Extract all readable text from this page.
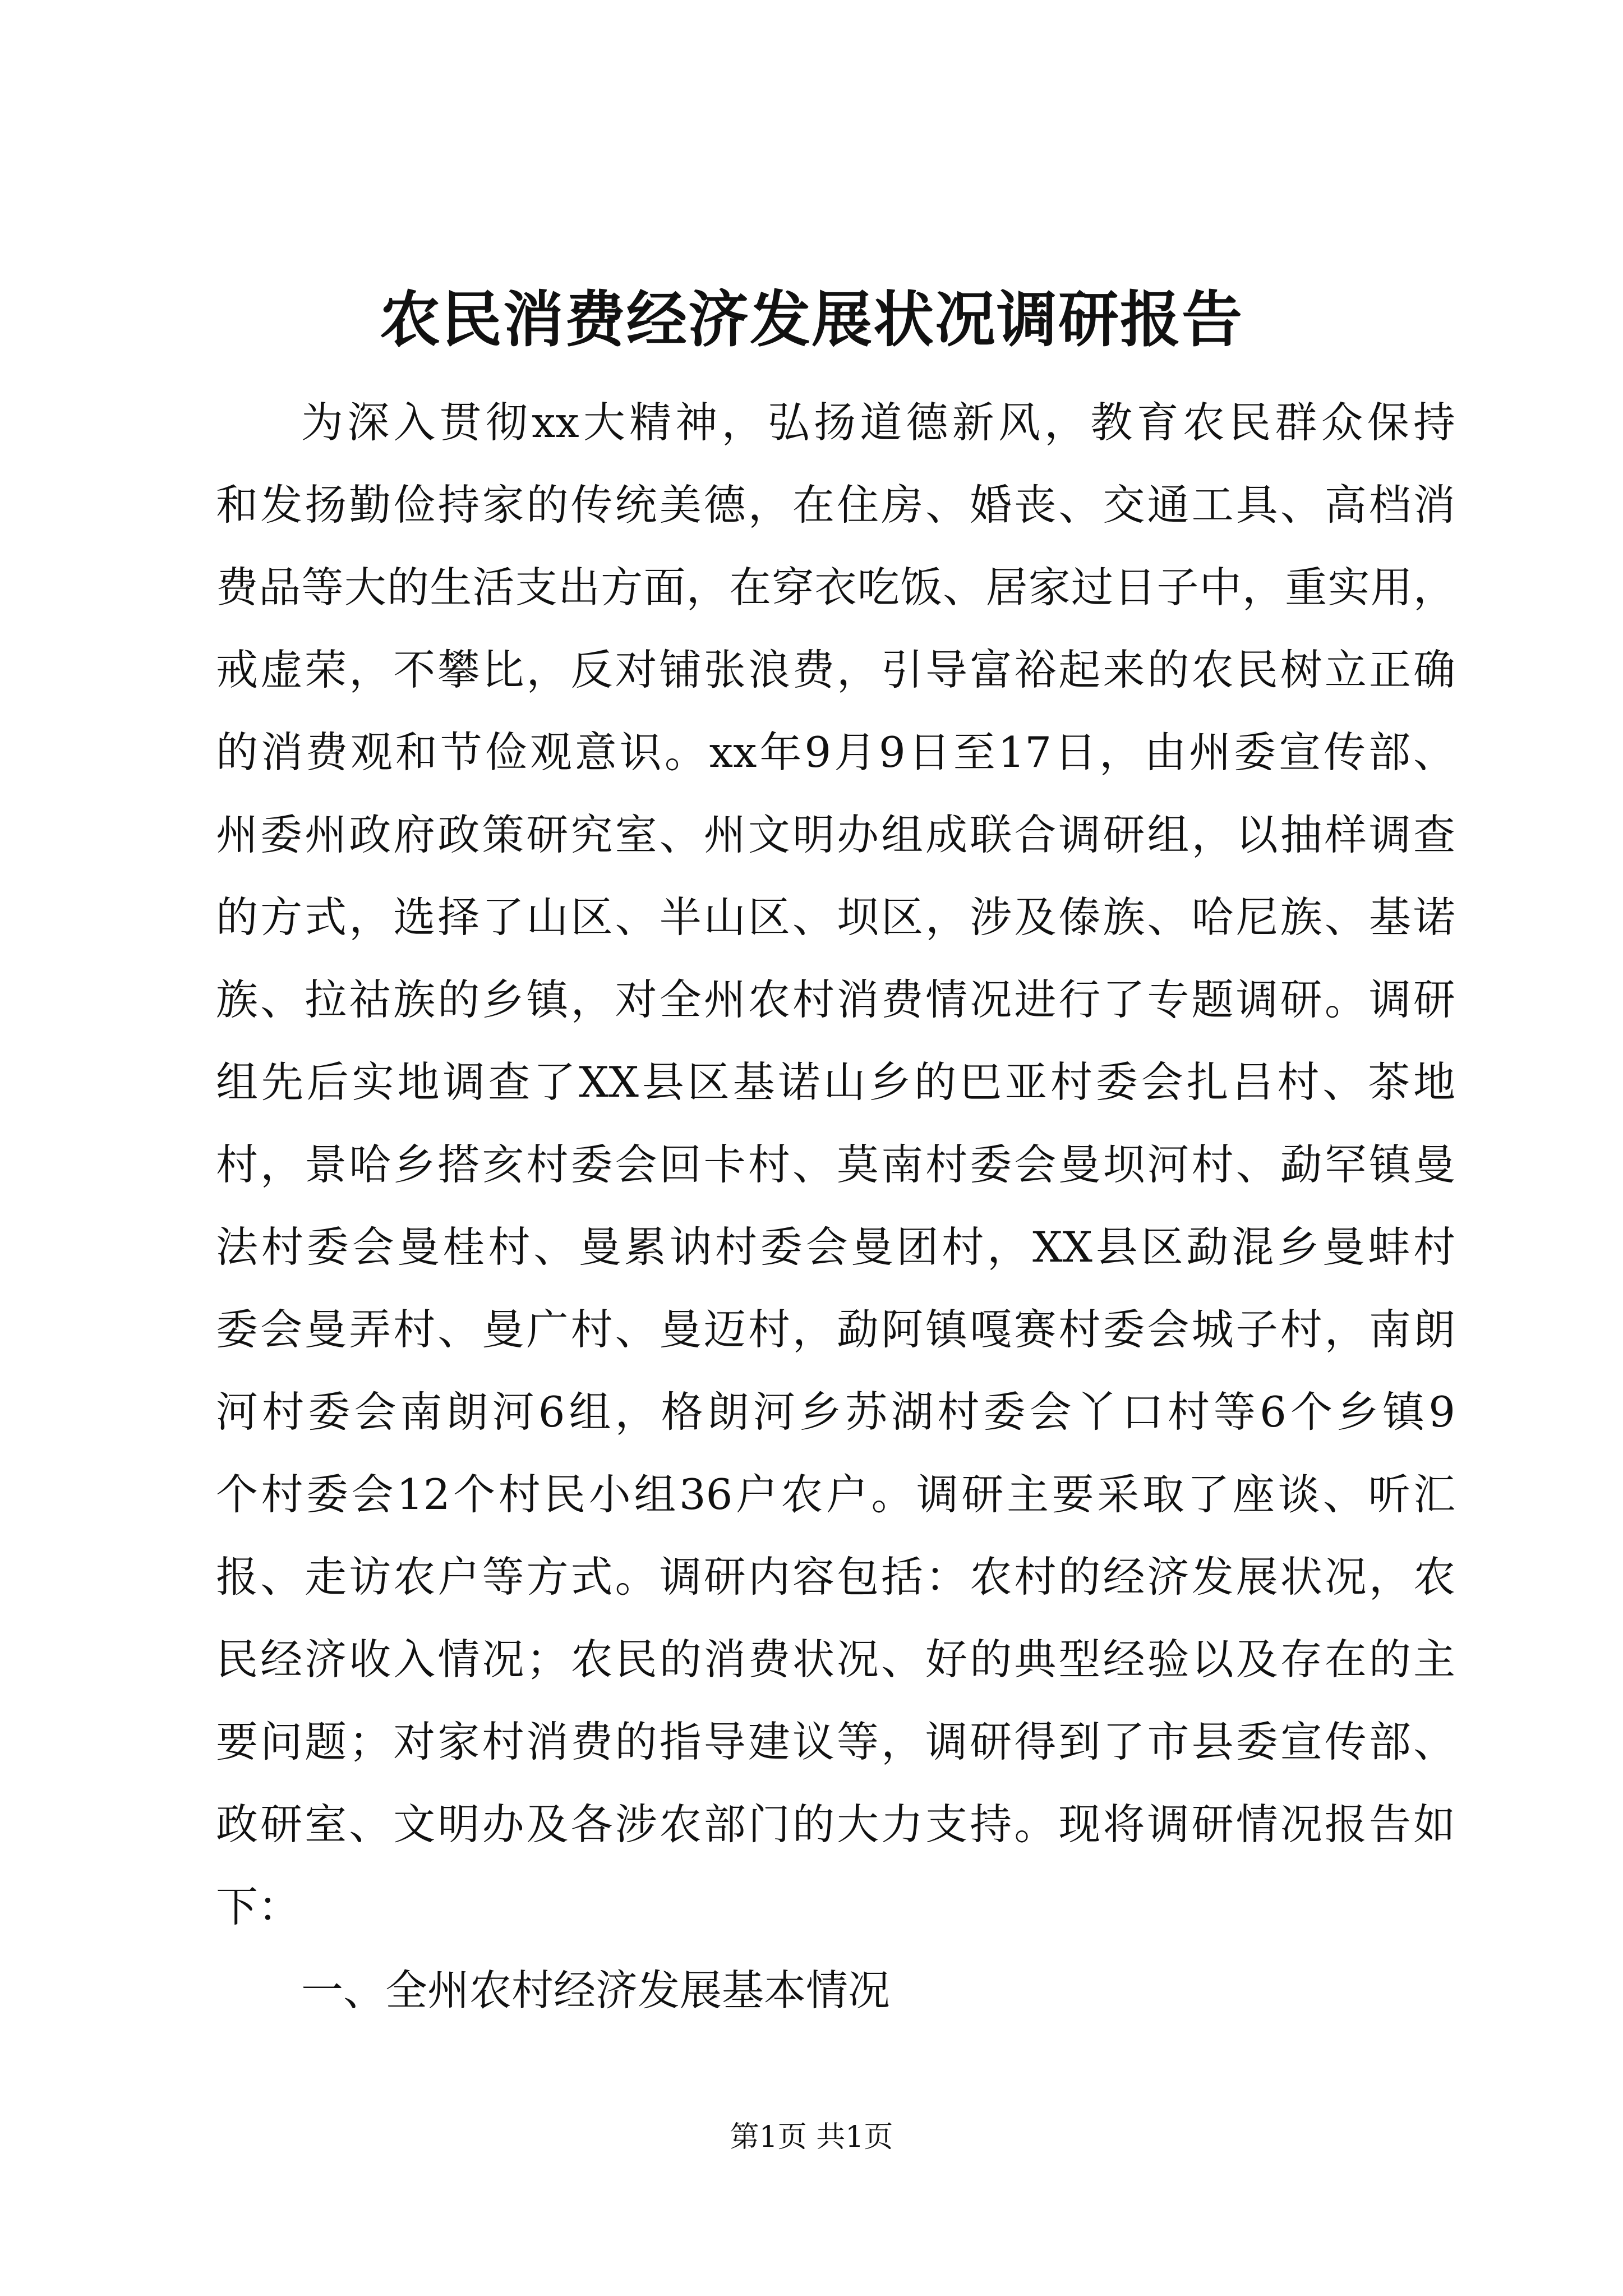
农民消费经济发展状况调研报告
为深入贯彻xx大精神，弘扬道德新风，教育农民群众保持
和发扬勤俭持家的传统美德，在住房、婚丧、交通工具、高档消
费品等大的生活支出方面，在穿衣吃饭、居家过日子中，重实用，
戒虚荣，不攀比，反对铺张浪费，引导富裕起来的农民树立正确
的消费观和节俭观意识。xx年9月9日至17日，由州委宣传部、
州委州政府政策研究室、州文明办组成联合调研组，以抽样调查
的方式，选择了山区、半山区、坝区，涉及傣族、哈尼族、基诺
族、拉祜族的乡镇，对全州农村消费情况进行了专题调研。调研
组先后实地调查了XX县区基诺山乡的巴亚村委会扎吕村、茶地
村，景哈乡搭亥村委会回卡村、莫南村委会曼坝河村、勐罕镇曼
法村委会曼桂村、曼累讷村委会曼团村，XX县区勐混乡曼蚌村
委会曼弄村、曼广村、曼迈村，勐阿镇嘎赛村委会城子村，南朗
河村委会南朗河6组，格朗河乡苏湖村委会丫口村等6个乡镇9
个村委会12个村民小组36户农户。调研主要采取了座谈、听汇
报、走访农户等方式。调研内容包括：农村的经济发展状况，农
民经济收入情况；农民的消费状况、好的典型经验以及存在的主
要问题；对家村消费的指导建议等，调研得到了市县委宣传部、
政研室、文明办及各涉农部门的大力支持。现将调研情况报告如
下：
一、全州农村经济发展基本情况
第1页 共1页
